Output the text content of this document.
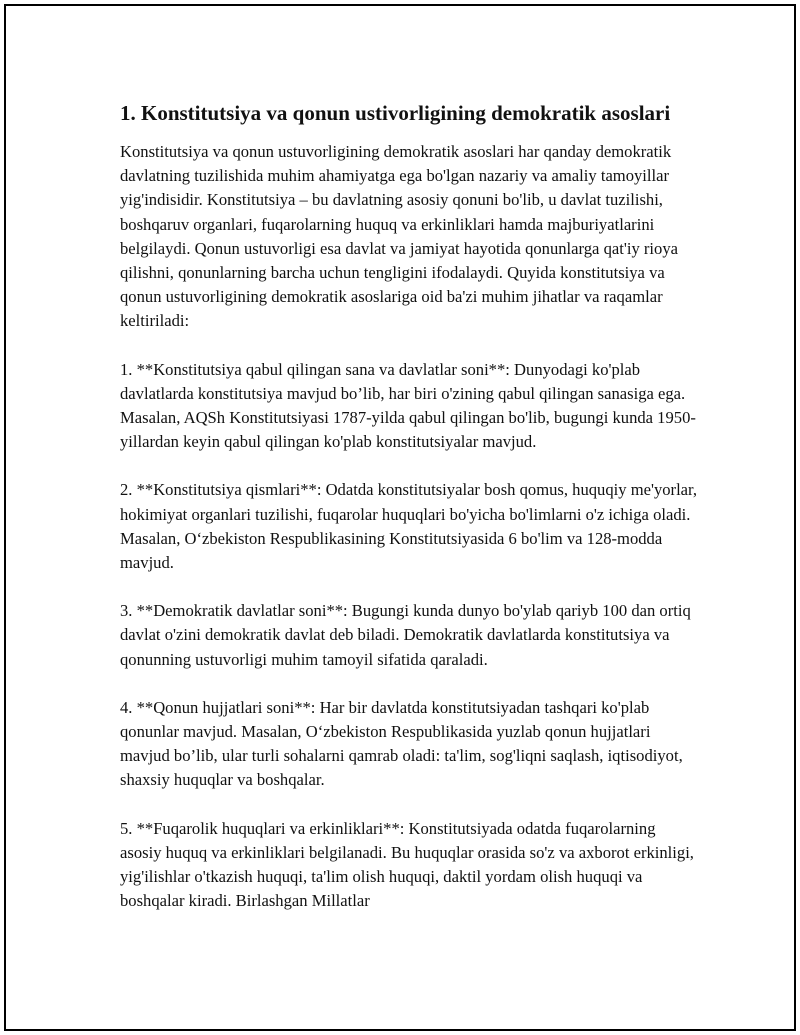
1. Konstitutsiya va qonun ustivorligining demokratik asoslari

Konstitutsiya va qonun ustuvorligining demokratik asoslari har qanday demokratik davlatning tuzilishida muhim ahamiyatga ega bo'lgan nazariy va amaliy tamoyillar yig'indisidir. Konstitutsiya – bu davlatning asosiy qonuni bo'lib, u davlat tuzilishi, boshqaruv organlari, fuqarolarning huquq va erkinliklari hamda majburiyatlarini belgilaydi. Qonun ustuvorligi esa davlat va jamiyat hayotida qonunlarga qat'iy rioya qilishni, qonunlarning barcha uchun tengligini ifodalaydi. Quyida konstitutsiya va qonun ustuvorligining demokratik asoslariga oid ba'zi muhim jihatlar va raqamlar keltiriladi:

1. **Konstitutsiya qabul qilingan sana va davlatlar soni**: Dunyodagi ko'plab davlatlarda konstitutsiya mavjud bo’lib, har biri o'zining qabul qilingan sanasiga ega. Masalan, AQSh Konstitutsiyasi 1787-yilda qabul qilingan bo'lib, bugungi kunda 1950-yillardan keyin qabul qilingan ko'plab konstitutsiyalar mavjud.

2. **Konstitutsiya qismlari**: Odatda konstitutsiyalar bosh qomus, huquqiy me'yorlar, hokimiyat organlari tuzilishi, fuqarolar huquqlari bo'yicha bo'limlarni o'z ichiga oladi. Masalan, O‘zbekiston Respublikasining Konstitutsiyasida 6 bo'lim va 128-modda mavjud.

3. **Demokratik davlatlar soni**: Bugungi kunda dunyo bo'ylab qariyb 100 dan ortiq davlat o'zini demokratik davlat deb biladi. Demokratik davlatlarda konstitutsiya va qonunning ustuvorligi muhim tamoyil sifatida qaraladi.

4. **Qonun hujjatlari soni**: Har bir davlatda konstitutsiyadan tashqari ko'plab qonunlar mavjud. Masalan, O‘zbekiston Respublikasida yuzlab qonun hujjatlari mavjud bo’lib, ular turli sohalarni qamrab oladi: ta'lim, sog'liqni saqlash, iqtisodiyot, shaxsiy huquqlar va boshqalar.

5. **Fuqarolik huquqlari va erkinliklari**: Konstitutsiyada odatda fuqarolarning asosiy huquq va erkinliklari belgilanadi. Bu huquqlar orasida so'z va axborot erkinligi, yig'ilishlar o'tkazish huquqi, ta'lim olish huquqi, daktil yordam olish huquqi va boshqalar kiradi. Birlashgan Millatlar
